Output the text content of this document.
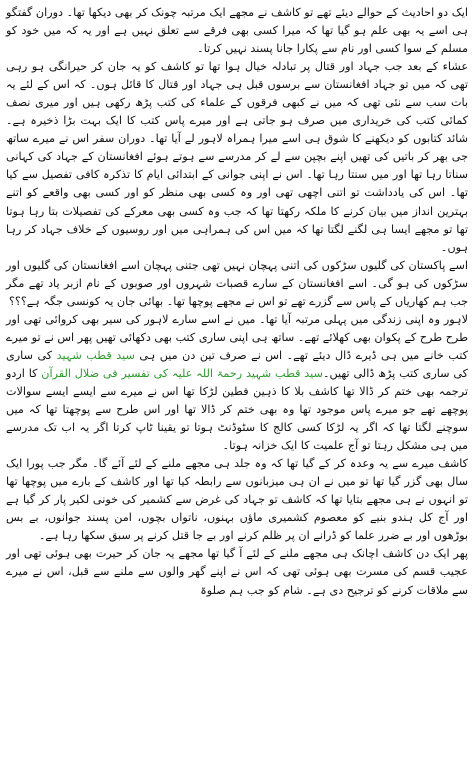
ایک دو احادیث کے حوالے دیئے تھے تو کاشف نے مجھے ایک مرتبہ چونک کر بھی دیکھا تھا۔ دوران گفتگو ہی اسے یہ بھی علم ہو گیا تھا کہ میرا کسی بھی فرقے سے تعلق نہیں ہے اور یہ کہ میں خود کو مسلم کے سوا کسی اور نام سے پکارا جانا پسند نہیں کرتا۔

عشاء کے بعد جب جہاد اور قتال پر تبادلہ خیال ہوا تھا تو کاشف کو یہ جان کر حیرانگی ہو رہی تھی کہ میں تو جہاد افغانستان سے برسوں قبل ہی جہاد اور قتال کا قائل ہوں۔ کہ اس کے لئے یہ بات سب سے نئی تھی کہ میں نے کبھی فرقوں کے علماء کی کتب پڑھ رکھی ہیں اور میری نصف کمائی کتب کی خریداری میں صرف ہو جاتی ہے اور میرے پاس کتب کا ایک بہت بڑا ذخیرہ ہے۔ شائد کتابوں کو دیکھنے کا شوق ہی اسے میرا ہمراہ لاہور لے آیا تھا۔ دوران سفر اس نے میرے ساتھ جی بھر کر باتیں کی تھیں اپنے بچپن سے لے کر مدرسے سے ہوتے ہوئے افغانستان کے جہاد کی کہانی سناتا رہا تھا اور میں سنتا رہا تھا۔ اس نے اپنی جوانی کے ابتدائی ایام کا تذکرہ کافی تفصیل سے کیا تھا۔ اس کی یادداشت تو اتنی اچھی تھی اور وہ کسی بھی منظر کو اور کسی بھی واقعے کو اتنے بہترین انداز میں بیان کرنے کا ملکہ رکھتا تھا کہ جب وہ کسی بھی معرکے کی تفصیلات بتا رہا ہوتا تھا تو مجھے ایسا ہی لگنے لگتا تھا کہ میں اس کی ہمراہی میں اور روسیوں کے خلاف جہاد کر رہا ہوں۔

اسے پاکستان کی گلیوں سڑکوں کی اتنی پہچان نہیں تھی جتنی پہچان اسے افغانستان کی گلیوں اور سڑکوں کی ہو گی۔ اسے افغانستان کے سارے قصبات شہروں اور صوبوں کے نام ازبر یاد تھے مگر جب ہم کھاریاں کے پاس سے گزرے تھے تو اس نے مجھے پوچھا تھا۔ بھائی جان یہ کونسی جگہ ہے؟؟؟

لاہور وہ اپنی زندگی میں پہلی مرتبہ آیا تھا۔ میں نے اسے سارے لاہور کی سیر بھی کروائی تھی اور طرح طرح کے پکوان بھی کھلائے تھے۔ ساتھ ہی اپنی ساری کتب بھی دکھائی تھیں پھر اس نے تو میرے کتب خانے میں ہی ڈیرے ڈال دیئے تھے۔ اس نے صرف تین دن میں ہی سید قطب شہید کی ساری کی ساری کتب پڑھ ڈالی تھیں۔سید قطب شہید رحمۃ اللہ علیہ کی تفسیر فی ضلال القرآن کا اردو ترجمہ بھی ختم کر ڈالا تھا کاشف بلا کا ذہین فطین لڑکا تھا اس نے میرے سے ایسے ایسے سوالات پوچھے تھے جو میرے پاس موجود تھا وہ بھی ختم کر ڈالا تھا اور اس طرح سے پوچھتا تھا کہ میں سوچنے لگتا تھا کہ اگر یہ لڑکا کسی کالج کا سٹوڈنٹ ہوتا تو یقینا ٹاپ کرتا اگر یہ اب تک مدرسے میں ہی مشکل رہتا تو آج علمیت کا ایک خزانہ ہوتا۔

کاشف میرے سے یہ وعدہ کر کے گیا تھا کہ وہ جلد ہی مجھے ملنے کے لئے آئے گا۔ مگر جب پورا ایک سال بھی گزر گیا تھا تو میں نے ان ہی میزبانوں سے رابطہ کیا تھا اور کاشف کے بارے میں پوچھا تھا تو انہوں نے ہی مجھے بتایا تھا کہ کاشف تو جہاد کی غرض سے کشمیر کی خونی لکیر پار کر گیا ہے اور آج کل ہندو بنیے کو معصوم کشمیری ماؤں بہنوں، ناتواں بچوں، امن پسند جوانوں، بے بس بوڑھوں اور بے ضرر علما کو ڈرانے ان پر ظلم کرنے اور بے جا قتل کرنے پر سبق سکھا رہا ہے۔

پھر ایک دن کاشف اچانک ہی مجھے ملنے کے لئے آ گیا تھا مجھے یہ جان کر حیرت بھی ہوئی تھی اور عجیب قسم کی مسرت بھی ہوئی تھی کہ اس نے اپنے گھر والوں سے ملنے سے قبل، اس نے میرے سے ملاقات کرنے کو ترجیح دی ہے۔ شام کو جب ہم صلوۃ
